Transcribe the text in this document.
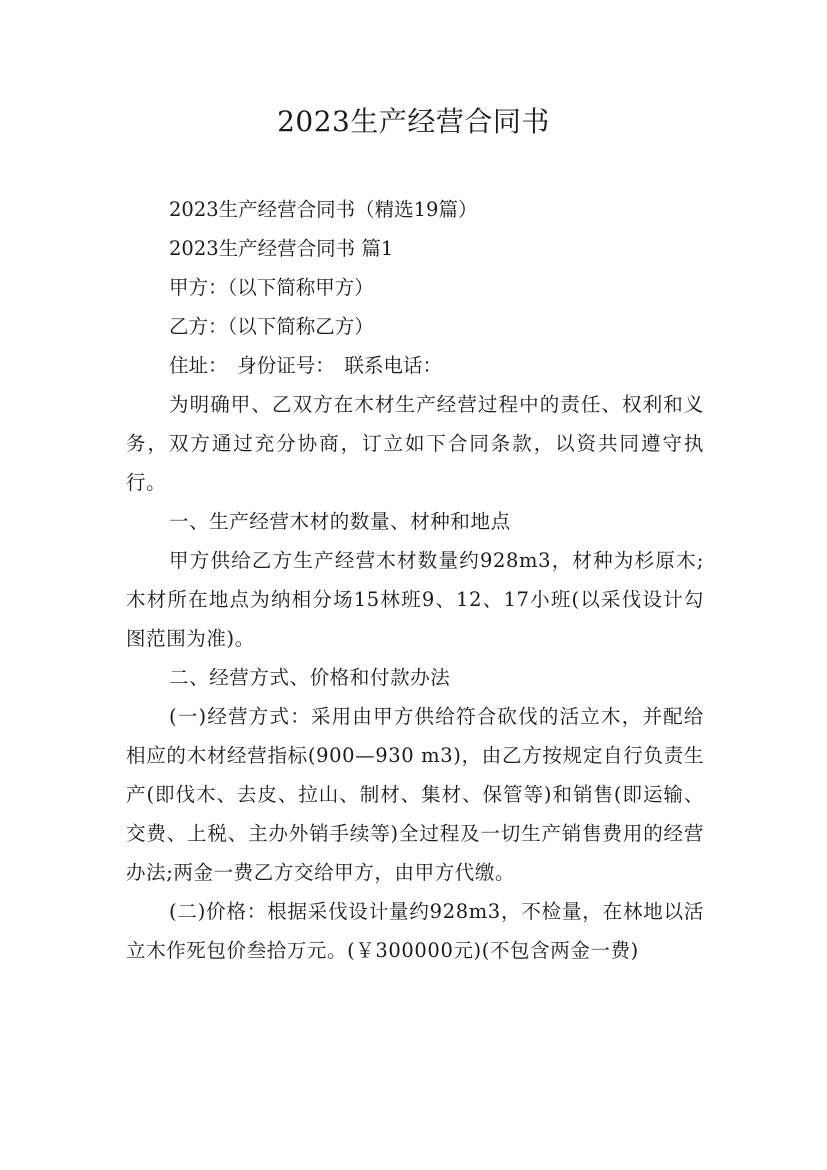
2023生产经营合同书

2023生产经营合同书（精选19篇）

2023生产经营合同书 篇1

甲方：（以下简称甲方）

乙方：（以下简称乙方）

住址：　身份证号：　联系电话：

为明确甲、乙双方在木材生产经营过程中的责任、权利和义务，双方通过充分协商，订立如下合同条款，以资共同遵守执行。

一、生产经营木材的数量、材种和地点

甲方供给乙方生产经营木材数量约928m3，材种为杉原木;木材所在地点为纳相分场15林班9、12、17小班(以采伐设计勾图范围为准)。

二、经营方式、价格和付款办法

(一)经营方式：采用由甲方供给符合砍伐的活立木，并配给相应的木材经营指标(900—930 m3)，由乙方按规定自行负责生产(即伐木、去皮、拉山、制材、集材、保管等)和销售(即运输、交费、上税、主办外销手续等)全过程及一切生产销售费用的经营办法;两金一费乙方交给甲方，由甲方代缴。

(二)价格：根据采伐设计量约928m3，不检量，在林地以活立木作死包价叁拾万元。(￥300000元)(不包含两金一费)
